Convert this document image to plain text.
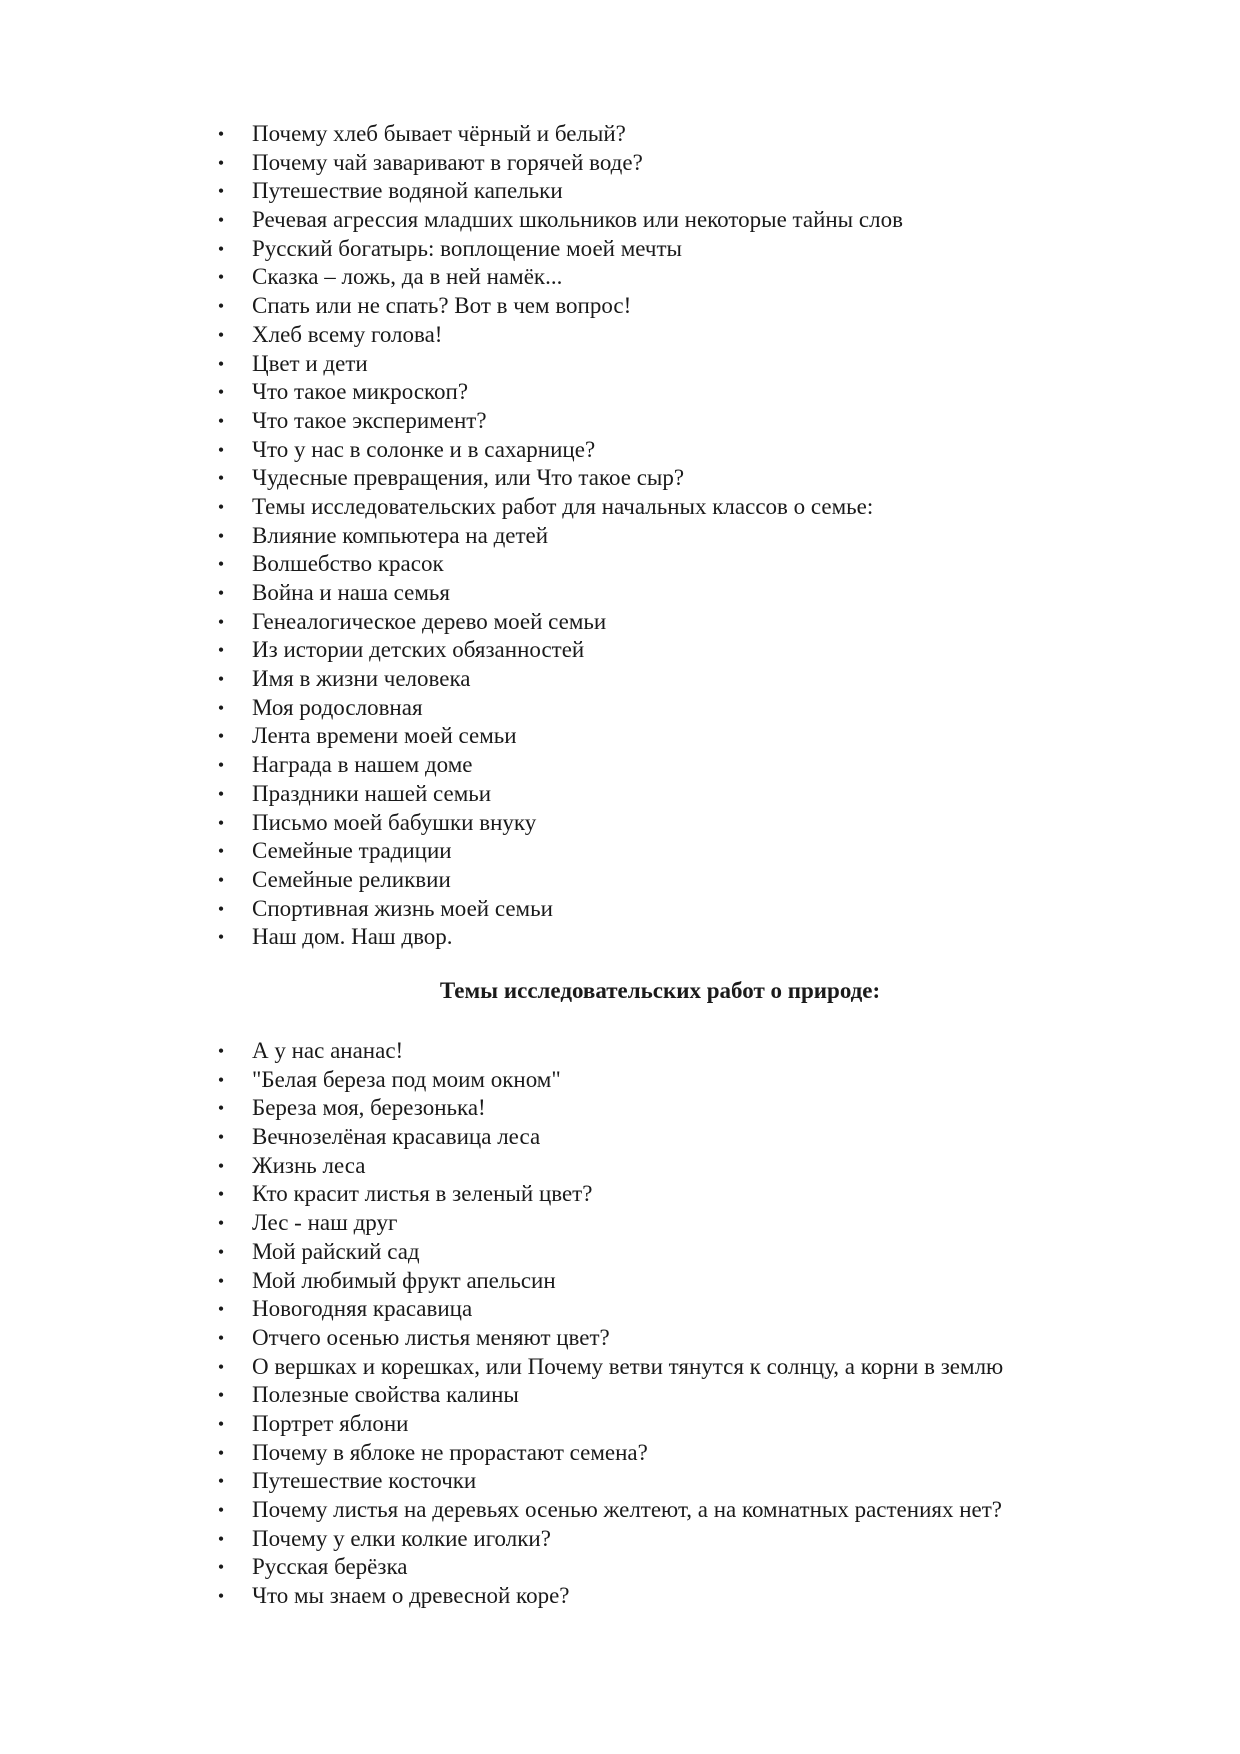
• Почему хлеб бывает чёрный и белый?
• Почему чай заваривают в горячей воде?
• Путешествие водяной капельки
• Речевая агрессия младших школьников или некоторые тайны слов
• Русский богатырь: воплощение моей мечты
• Сказка – ложь, да в ней намёк...
• Спать или не спать? Вот в чем вопрос!
• Хлеб всему голова!
• Цвет и дети
• Что такое микроскоп?
• Что такое эксперимент?
• Что у нас в солонке и в сахарнице?
• Чудесные превращения, или Что такое сыр?
• Темы исследовательских работ для начальных классов о семье:
• Влияние компьютера на детей
• Волшебство красок
• Война и наша семья
• Генеалогическое дерево моей семьи
• Из истории детских обязанностей
• Имя в жизни человека
• Моя родословная
• Лента времени моей семьи
• Награда в нашем доме
• Праздники нашей семьи
• Письмо моей бабушки внуку
• Семейные традиции
• Семейные реликвии
• Спортивная жизнь моей семьи
• Наш дом. Наш двор.
Темы исследовательских работ о природе:
• А у нас ананас!
• "Белая береза под моим окном"
• Береза моя, березонька!
• Вечнозелёная красавица леса
• Жизнь леса
• Кто красит листья в зеленый цвет?
• Лес - наш друг
• Мой райский сад
• Мой любимый фрукт апельсин
• Новогодняя красавица
• Отчего осенью листья меняют цвет?
• О вершках и корешках, или Почему ветви тянутся к солнцу, а корни в землю
• Полезные свойства калины
• Портрет яблони
• Почему в яблоке не прорастают семена?
• Путешествие косточки
• Почему листья на деревьях осенью желтеют, а на комнатных растениях нет?
• Почему у елки колкие иголки?
• Русская берёзка
• Что мы знаем о древесной коре?
